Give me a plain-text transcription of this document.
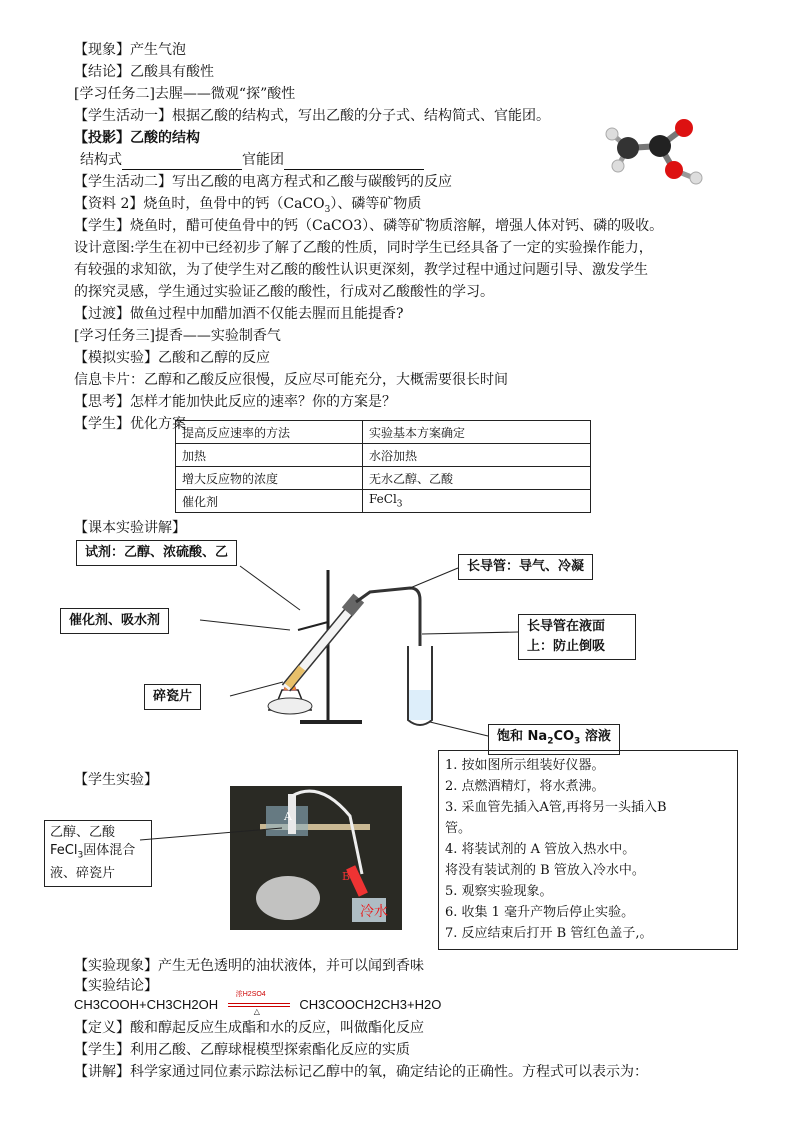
【现象】产生气泡
【结论】乙酸具有酸性
[学习任务二]去腥——微观“探”酸性
【学生活动一】根据乙酸的结构式，写出乙酸的分子式、结构简式、官能团。
【投影】乙酸的结构
结构式	官能团
【学生活动二】写出乙酸的电离方程式和乙酸与碳酸钙的反应
【资料 2】烧鱼时，鱼骨中的钙（CaCO$_3$）、磷等矿物质
【学生】烧鱼时，醋可使鱼骨中的钙（CaCO3）、磷等矿物质溶解，增强人体对钙、磷的吸收。
设计意图:学生在初中已经初步了解了乙酸的性质，同时学生已经具备了一定的实验操作能力，
有较强的求知欲，为了使学生对乙酸的酸性认识更深刻，教学过程中通过问题引导、激发学生
的探究灵感，学生通过实验证乙酸的酸性，行成对乙酸酸性的学习。
【过渡】做鱼过程中加醋加酒不仅能去腥而且能提香?
[学习任务三]提香——实验制香气
【模拟实验】乙酸和乙醇的反应
信息卡片：乙醇和乙酸反应很慢，反应尽可能充分，大概需要很长时间
【思考】怎样才能加快此反应的速率？你的方案是？
【学生】优化方案
提高反应速率的方法	实验基本方案确定
加热	水浴加热
增大反应物的浓度	无水乙醇、乙酸
催化剂	FeCl$_3$
【课本实验讲解】
试剂：乙醇、浓硫酸、乙
催化剂、吸水剂
碎瓷片
长导管：导气、冷凝
长导管在液面
上：防止倒吸
饱和 $Na_2CO_3$ 溶液
【学生实验】
A
B
冷水
乙醇、乙酸
FeCl$_3$固体混合液、碎瓷片
1. 按如图所示组装好仪器。
2. 点燃酒精灯，将水煮沸。
3. 采血管先插入A管,再将另一头插入B
管。
4. 将装试剂的 A 管放入热水中。
将没有装试剂的 B 管放入冷水中。
5. 观察实验现象。
6. 收集 1 毫升产物后停止实验。
7. 反应结束后打开 B 管红色盖子,。
【实验现象】产生无色透明的油状液体，并可以闻到香味
【实验结论】
CH3COOH+CH3CH2OH
浓H2SO4
△	CH3COOCH2CH3+H2O
【定义】酸和醇起反应生成酯和水的反应，叫做酯化反应
【学生】利用乙酸、乙醇球棍模型探索酯化反应的实质
【讲解】科学家通过同位素示踪法标记乙醇中的氧，确定结论的正确性。方程式可以表示为：
